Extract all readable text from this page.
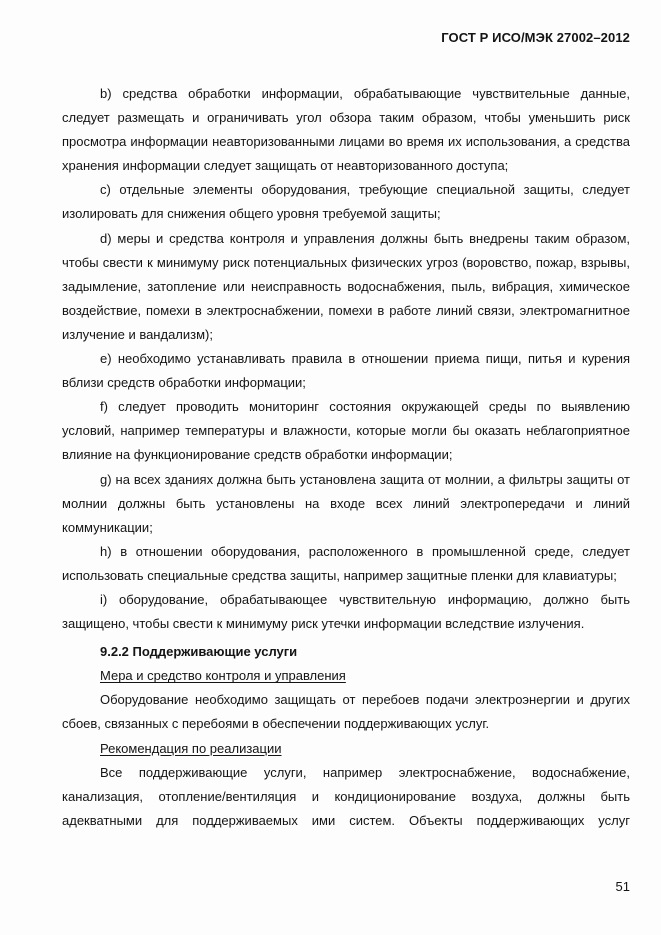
ГОСТ Р ИСО/МЭК 27002–2012

b) средства обработки информации, обрабатывающие чувствительные данные, следует размещать и ограничивать угол обзора таким образом, чтобы уменьшить риск просмотра информации неавторизованными лицами во время их использования, а средства хранения информации следует защищать от неавторизованного доступа;

с) отдельные элементы оборудования, требующие специальной защиты, следует изолировать для снижения общего уровня требуемой защиты;

d) меры и средства контроля и управления должны быть внедрены таким образом, чтобы свести к минимуму риск потенциальных физических угроз (воровство, пожар, взрывы, задымление, затопление или неисправность водоснабжения, пыль, вибрация, химическое воздействие, помехи в электроснабжении, помехи в работе линий связи, электромагнитное излучение и вандализм);

e) необходимо устанавливать правила в отношении приема пищи, питья и курения вблизи средств обработки информации;

f) следует проводить мониторинг состояния окружающей среды по выявлению условий, например температуры и влажности, которые могли бы оказать неблагоприятное влияние на функционирование средств обработки информации;

g) на всех зданиях должна быть установлена защита от молнии, а фильтры защиты от молнии должны быть установлены на входе всех линий электропередачи и линий коммуникации;

h) в отношении оборудования, расположенного в промышленной среде, следует использовать специальные средства защиты, например защитные пленки для клавиатуры;

i) оборудование, обрабатывающее чувствительную информацию, должно быть защищено, чтобы свести к минимуму риск утечки информации вследствие излучения.

9.2.2 Поддерживающие услуги

Мера и средство контроля и управления

Оборудование необходимо защищать от перебоев подачи электроэнергии и других сбоев, связанных с перебоями в обеспечении поддерживающих услуг.

Рекомендация по реализации

Все поддерживающие услуги, например электроснабжение, водоснабжение, канализация, отопление/вентиляция и кондиционирование воздуха, должны быть адекватными для поддерживаемых ими систем. Объекты поддерживающих услуг

51
